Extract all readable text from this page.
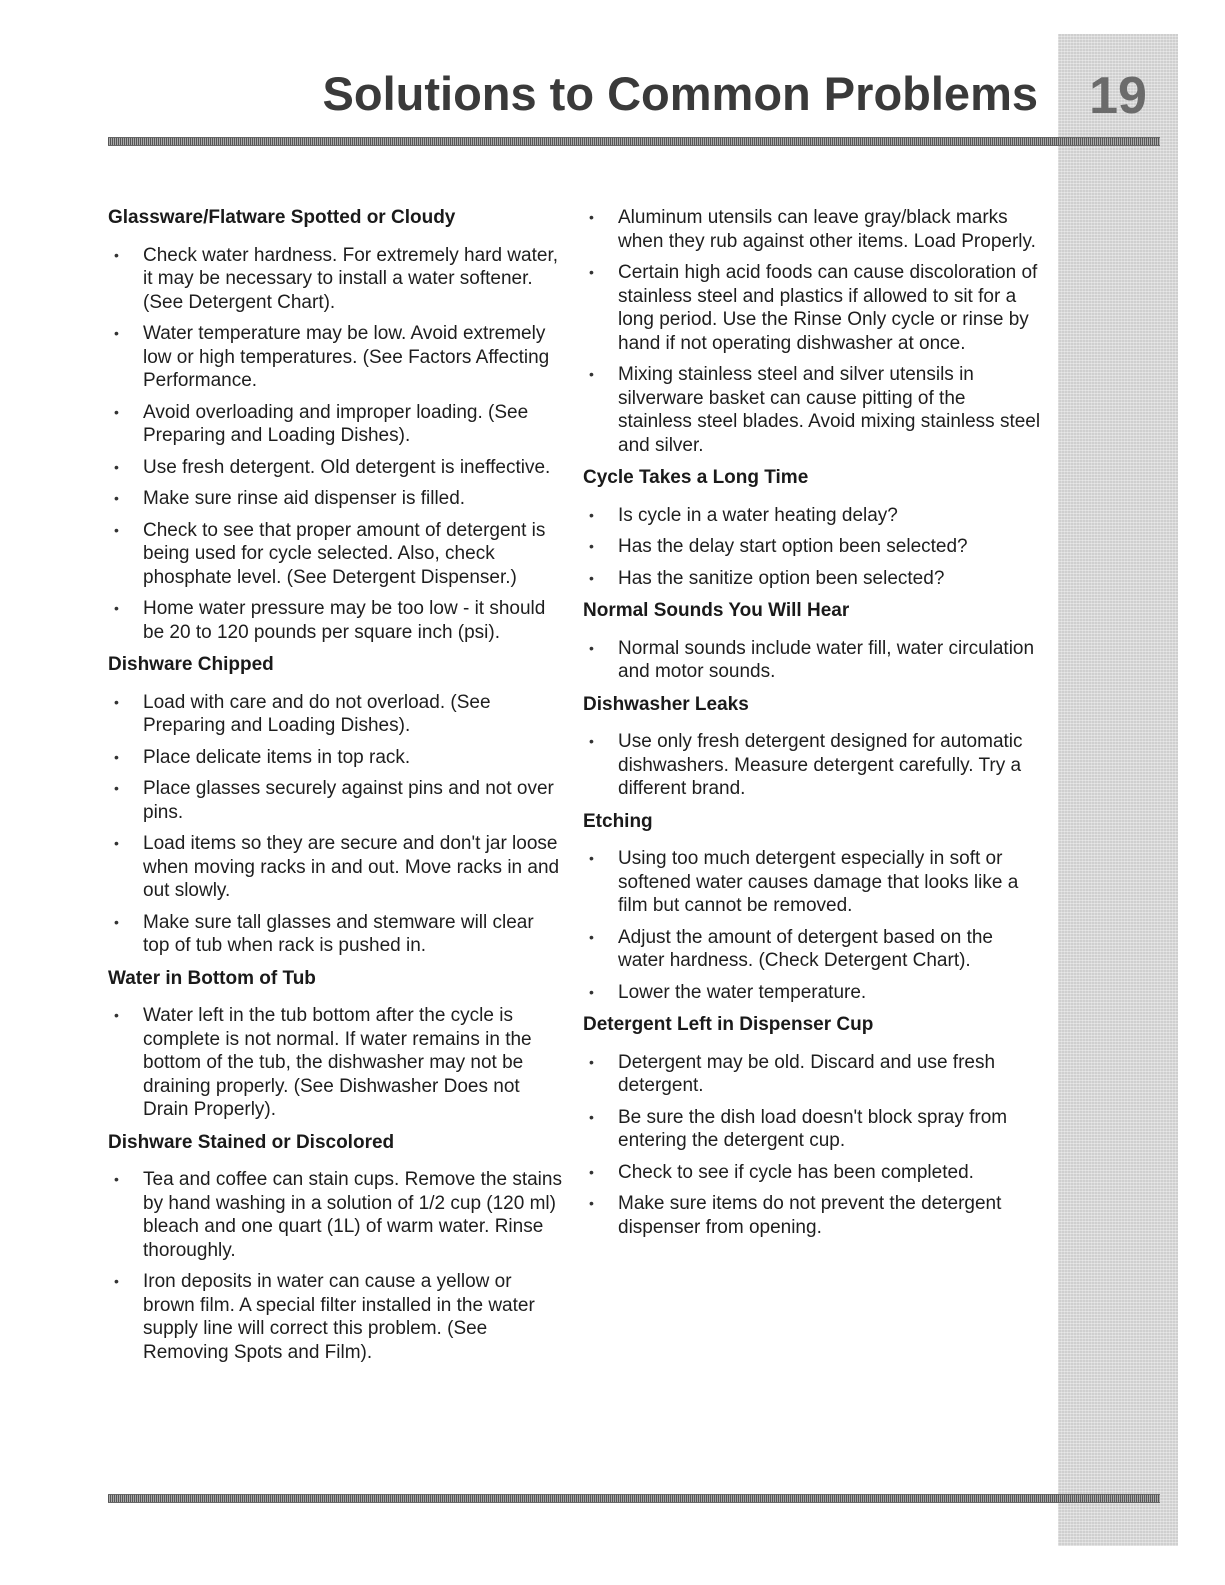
19
Solutions to Common Problems
Glassware/Flatware Spotted or Cloudy
• Check water hardness. For extremely hard water, it may be necessary to install a water softener. (See Detergent Chart).
• Water temperature may be low. Avoid extremely low or high temperatures. (See Factors Affecting Performance.
• Avoid overloading and improper loading. (See Preparing and Loading Dishes).
• Use fresh detergent. Old detergent is ineffective.
• Make sure rinse aid dispenser is filled.
• Check to see that proper amount of detergent is being used for cycle selected. Also, check phosphate level. (See Detergent Dispenser.)
• Home water pressure may be too low - it should be 20 to 120 pounds per square inch (psi).
Dishware Chipped
• Load with care and do not overload. (See Preparing and Loading Dishes).
• Place delicate items in top rack.
• Place glasses securely against pins and not over pins.
• Load items so they are secure and don't jar loose when moving racks in and out. Move racks in and out slowly.
• Make sure tall glasses and stemware will clear top of tub when rack is pushed in.
Water in Bottom of Tub
• Water left in the tub bottom after the cycle is complete is not normal. If water remains in the bottom of the tub, the dishwasher may not be draining properly. (See Dishwasher Does not Drain Properly).
Dishware Stained or Discolored
• Tea and coffee can stain cups. Remove the stains by hand washing in a solution of 1/2 cup (120 ml) bleach and one quart (1L) of warm water. Rinse thoroughly.
• Iron deposits in water can cause a yellow or brown film. A special filter installed in the water supply line will correct this problem. (See Removing Spots and Film).
• Aluminum utensils can leave gray/black marks when they rub against other items. Load Properly.
• Certain high acid foods can cause discoloration of stainless steel and plastics if allowed to sit for a long period. Use the Rinse Only cycle or rinse by hand if not operating dishwasher at once.
• Mixing stainless steel and silver utensils in silverware basket can cause pitting of the stainless steel blades. Avoid mixing stainless steel and silver.
Cycle Takes a Long Time
• Is cycle in a water heating delay?
• Has the delay start option been selected?
• Has the sanitize option been selected?
Normal Sounds You Will Hear
• Normal sounds include water fill, water circulation and motor sounds.
Dishwasher Leaks
• Use only fresh detergent designed for automatic dishwashers. Measure detergent carefully. Try a different brand.
Etching
• Using too much detergent especially in soft or softened water causes damage that looks like a film but cannot be removed.
• Adjust the amount of detergent based on the water hardness. (Check Detergent Chart).
• Lower the water temperature.
Detergent Left in Dispenser Cup
• Detergent may be old. Discard and use fresh detergent.
• Be sure the dish load doesn't block spray from entering the detergent cup.
• Check to see if cycle has been completed.
• Make sure items do not prevent the detergent dispenser from opening.
